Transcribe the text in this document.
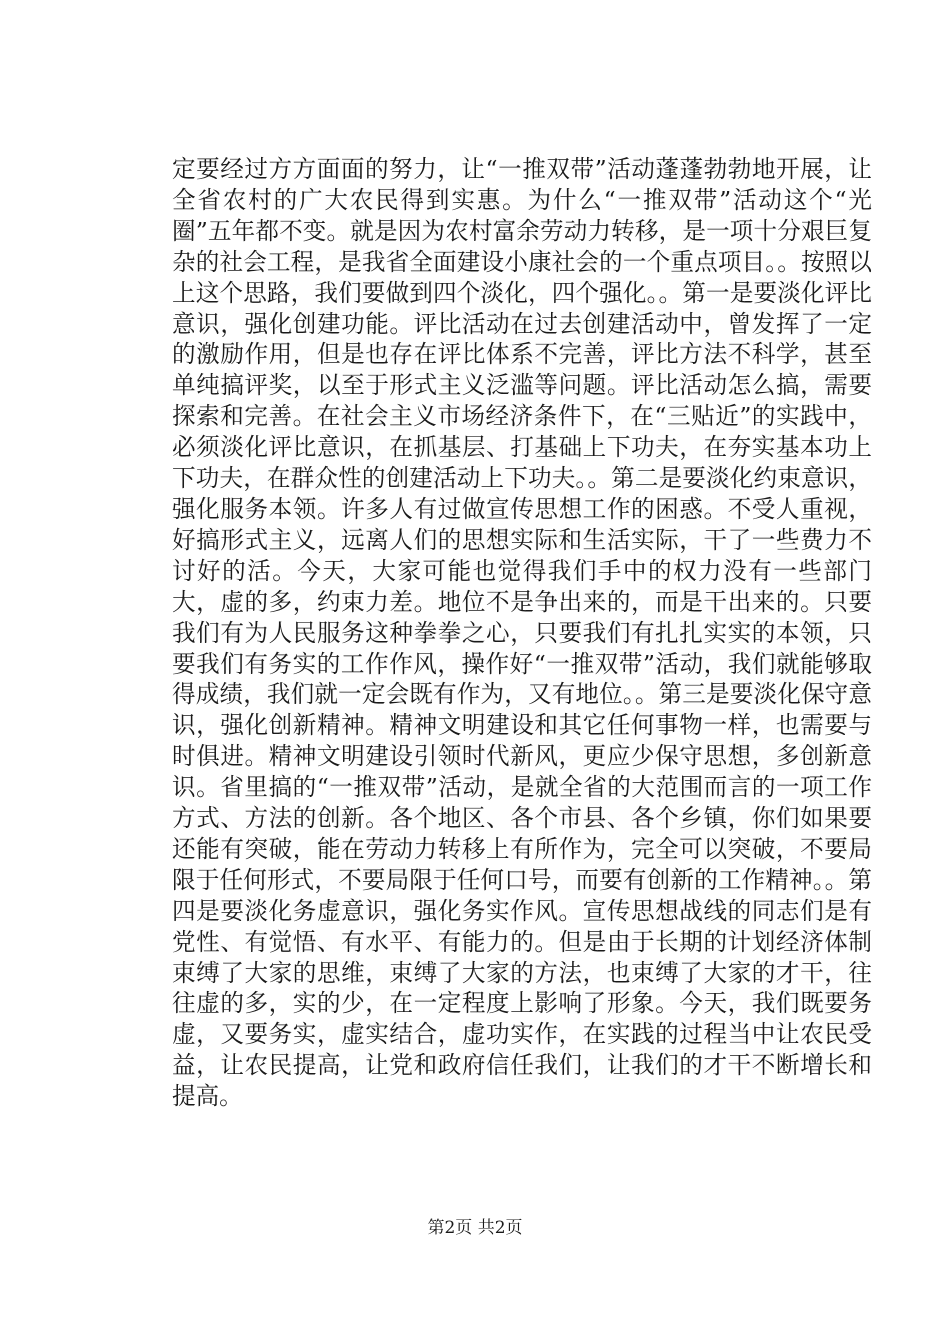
定要经过方方面面的努力，让“一推双带”活动蓬蓬勃勃地开展，让全省农村的广大农民得到实惠。为什么“一推双带”活动这个“光圈”五年都不变。就是因为农村富余劳动力转移，是一项十分艰巨复杂的社会工程，是我省全面建设小康社会的一个重点项目。。按照以上这个思路，我们要做到四个淡化，四个强化。。第一是要淡化评比意识，强化创建功能。评比活动在过去创建活动中，曾发挥了一定的激励作用，但是也存在评比体系不完善，评比方法不科学，甚至单纯搞评奖，以至于形式主义泛滥等问题。评比活动怎么搞，需要探索和完善。在社会主义市场经济条件下，在“三贴近”的实践中，必须淡化评比意识，在抓基层、打基础上下功夫，在夯实基本功上下功夫，在群众性的创建活动上下功夫。。第二是要淡化约束意识，强化服务本领。许多人有过做宣传思想工作的困惑。不受人重视，好搞形式主义，远离人们的思想实际和生活实际，干了一些费力不讨好的活。今天，大家可能也觉得我们手中的权力没有一些部门大，虚的多，约束力差。地位不是争出来的，而是干出来的。只要我们有为人民服务这种拳拳之心，只要我们有扎扎实实的本领，只要我们有务实的工作作风，操作好“一推双带”活动，我们就能够取得成绩，我们就一定会既有作为，又有地位。。第三是要淡化保守意识，强化创新精神。精神文明建设和其它任何事物一样，也需要与时俱进。精神文明建设引领时代新风，更应少保守思想，多创新意识。省里搞的“一推双带”活动，是就全省的大范围而言的一项工作方式、方法的创新。各个地区、各个市县、各个乡镇，你们如果要还能有突破，能在劳动力转移上有所作为，完全可以突破，不要局限于任何形式，不要局限于任何口号，而要有创新的工作精神。。第四是要淡化务虚意识，强化务实作风。宣传思想战线的同志们是有党性、有觉悟、有水平、有能力的。但是由于长期的计划经济体制束缚了大家的思维，束缚了大家的方法，也束缚了大家的才干，往往虚的多，实的少，在一定程度上影响了形象。今天，我们既要务虚，又要务实，虚实结合，虚功实作，在实践的过程当中让农民受益，让农民提高，让党和政府信任我们，让我们的才干不断增长和提高。

第2页 共2页
